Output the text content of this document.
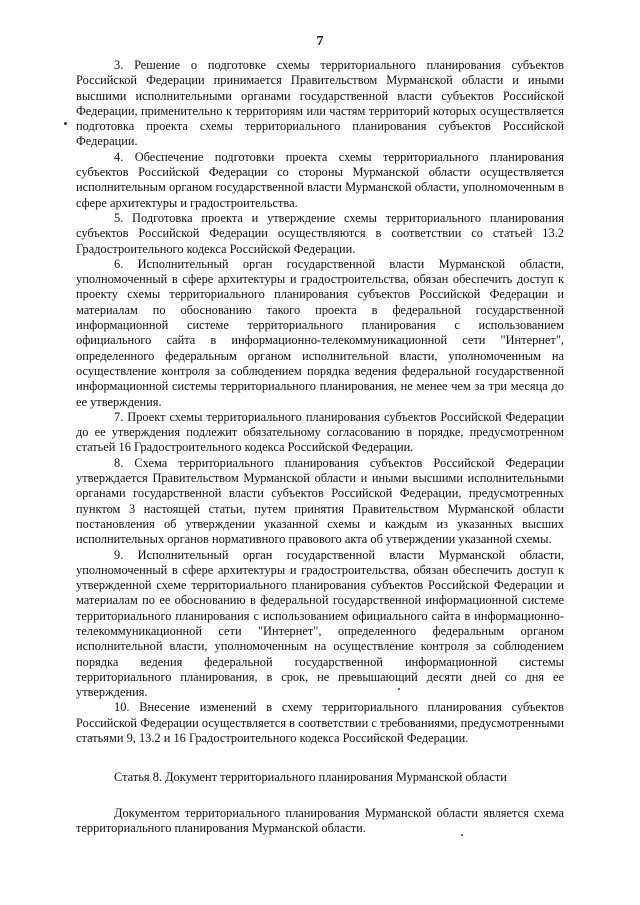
7

3. Решение о подготовке схемы территориального планирования субъектов Российской Федерации принимается Правительством Мурманской области и иными высшими исполнительными органами государственной власти субъектов Российской Федерации, применительно к территориям или частям территорий которых осуществляется подготовка проекта схемы территориального планирования субъектов Российской Федерации.

4. Обеспечение подготовки проекта схемы территориального планирования субъектов Российской Федерации со стороны Мурманской области осуществляется исполнительным органом государственной власти Мурманской области, уполномоченным в сфере архитектуры и градостроительства.

5. Подготовка проекта и утверждение схемы территориального планирования субъектов Российской Федерации осуществляются в соответствии со статьей 13.2 Градостроительного кодекса Российской Федерации.

6. Исполнительный орган государственной власти Мурманской области, уполномоченный в сфере архитектуры и градостроительства, обязан обеспечить доступ к проекту схемы территориального планирования субъектов Российской Федерации и материалам по обоснованию такого проекта в федеральной государственной информационной системе территориального планирования с использованием официального сайта в информационно-телекоммуникационной сети "Интернет", определенного федеральным органом исполнительной власти, уполномоченным на осуществление контроля за соблюдением порядка ведения федеральной государственной информационной системы территориального планирования, не менее чем за три месяца до ее утверждения.

7. Проект схемы территориального планирования субъектов Российской Федерации до ее утверждения подлежит обязательному согласованию в порядке, предусмотренном статьей 16 Градостроительного кодекса Российской Федерации.

8. Схема территориального планирования субъектов Российской Федерации утверждается Правительством Мурманской области и иными высшими исполнительными органами государственной власти субъектов Российской Федерации, предусмотренных пунктом 3 настоящей статьи, путем принятия Правительством Мурманской области постановления об утверждении указанной схемы и каждым из указанных высших исполнительных органов нормативного правового акта об утверждении указанной схемы.

9. Исполнительный орган государственной власти Мурманской области, уполномоченный в сфере архитектуры и градостроительства, обязан обеспечить доступ к утвержденной схеме территориального планирования субъектов Российской Федерации и материалам по ее обоснованию в федеральной государственной информационной системе территориального планирования с использованием официального сайта в информационно-телекоммуникационной сети "Интернет", определенного федеральным органом исполнительной власти, уполномоченным на осуществление контроля за соблюдением порядка ведения федеральной государственной информационной системы территориального планирования, в срок, не превышающий десяти дней со дня ее утверждения.

10. Внесение изменений в схему территориального планирования субъектов Российской Федерации осуществляется в соответствии с требованиями, предусмотренными статьями 9, 13.2 и 16 Градостроительного кодекса Российской Федерации.

Статья 8. Документ территориального планирования Мурманской области

Документом территориального планирования Мурманской области является схема территориального планирования Мурманской области.
